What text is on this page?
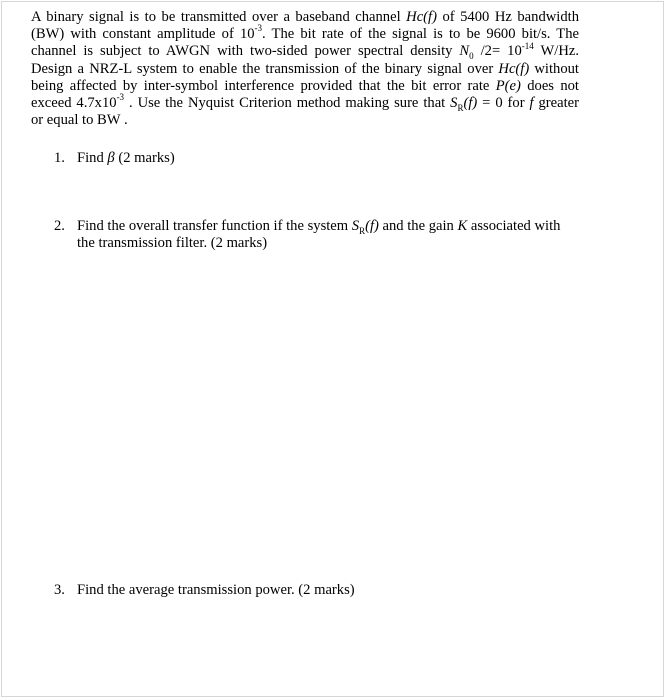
A binary signal is to be transmitted over a baseband channel Hc(f) of 5400 Hz bandwidth
(BW) with constant amplitude of $10^{-3}$. The bit rate of the signal is to be 9600 bit/s. The
channel is subject to AWGN with two-sided power spectral density $N_0$ $/2= 10^{-14}$ W/Hz.
Design a NRZ-L system to enable the transmission of the binary signal over Hc(f) without
being affected by inter-symbol interference provided that the bit error rate P(e) does not
exceed $4.7x10^{-3}$ . Use the Nyquist Criterion method making sure that $S_R(f) = 0$ for f greater
or equal to BW .
1. Find β (2 marks)
2. Find the overall transfer function if the system $S_R(f)$ and the gain K associated with the transmission filter. (2 marks)
3. Find the average transmission power. (2 marks)
